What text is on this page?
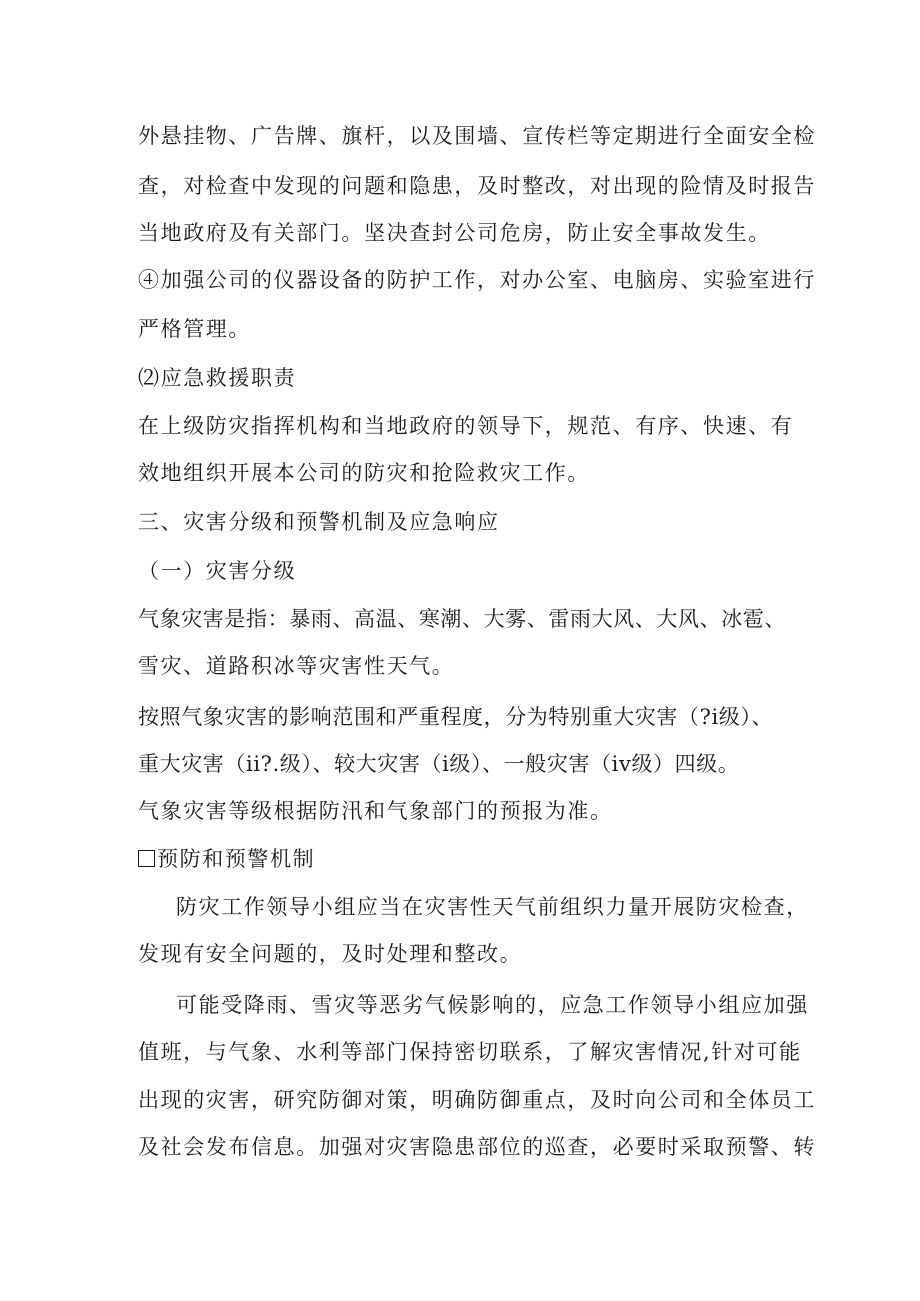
外悬挂物、广告牌、旗杆，以及围墙、宣传栏等定期进行全面安全检
查，对检查中发现的问题和隐患，及时整改，对出现的险情及时报告
当地政府及有关部门。坚决查封公司危房，防止安全事故发生。
④加强公司的仪器设备的防护工作，对办公室、电脑房、实验室进行
严格管理。
⑵应急救援职责
在上级防灾指挥机构和当地政府的领导下，规范、有序、快速、有
效地组织开展本公司的防灾和抢险救灾工作。
三、灾害分级和预警机制及应急响应
（一）灾害分级
气象灾害是指：暴雨、高温、寒潮、大雾、雷雨大风、大风、冰雹、
雪灾、道路积冰等灾害性天气。
按照气象灾害的影响范围和严重程度，分为特别重大灾害（?i级）、
重大灾害（ii?.级）、较大灾害（i级）、一般灾害（iv级）四级。
气象灾害等级根据防汛和气象部门的预报为准。
预防和预警机制
防灾工作领导小组应当在灾害性天气前组织力量开展防灾检查，
发现有安全问题的，及时处理和整改。
可能受降雨、雪灾等恶劣气候影响的，应急工作领导小组应加强
值班，与气象、水利等部门保持密切联系，了解灾害情况,针对可能
出现的灾害，研究防御对策，明确防御重点，及时向公司和全体员工
及社会发布信息。加强对灾害隐患部位的巡查，必要时采取预警、转
